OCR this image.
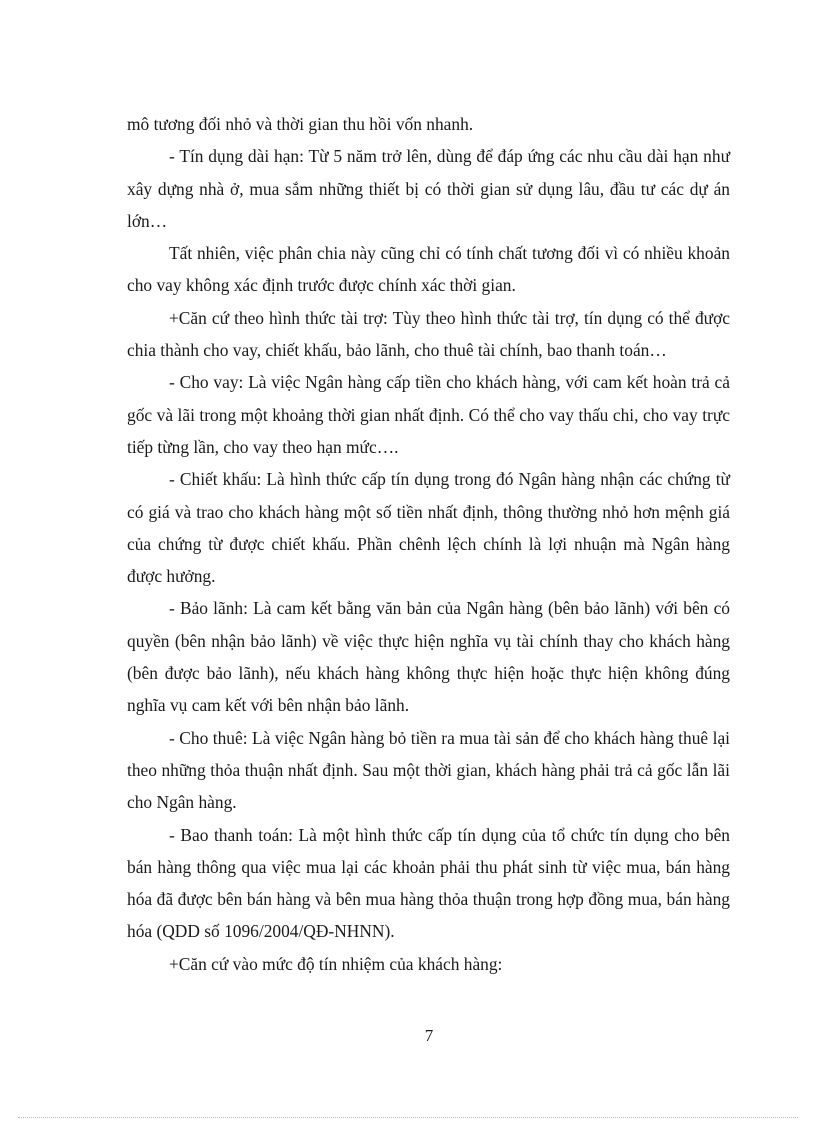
mô tương đối nhỏ và thời gian thu hồi vốn nhanh.

- Tín dụng dài hạn: Từ 5 năm trở lên, dùng để đáp ứng các nhu cầu dài hạn như xây dựng nhà ở, mua sắm những thiết bị có thời gian sử dụng lâu, đầu tư các dự án lớn…

Tất nhiên, việc phân chia này cũng chỉ có tính chất tương đối vì có nhiều khoản cho vay không xác định trước được chính xác thời gian.

+Căn cứ theo hình thức tài trợ: Tùy theo hình thức tài trợ, tín dụng có thể được chia thành cho vay, chiết khấu, bảo lãnh, cho thuê tài chính, bao thanh toán…

- Cho vay: Là việc Ngân hàng cấp tiền cho khách hàng, với cam kết hoàn trả cả gốc và lãi trong một khoảng thời gian nhất định. Có thể cho vay thấu chi, cho vay trực tiếp từng lần, cho vay theo hạn mức….

- Chiết khấu: Là hình thức cấp tín dụng trong đó Ngân hàng nhận các chứng từ có giá và trao cho khách hàng một số tiền nhất định, thông thường nhỏ hơn mệnh giá của chứng từ được chiết khấu. Phần chênh lệch chính là lợi nhuận mà Ngân hàng được hưởng.

- Bảo lãnh: Là cam kết bằng văn bản của Ngân hàng (bên bảo lãnh) với bên có quyền (bên nhận bảo lãnh) về việc thực hiện nghĩa vụ tài chính thay cho khách hàng (bên được bảo lãnh), nếu khách hàng không thực hiện hoặc thực hiện không đúng nghĩa vụ cam kết với bên nhận bảo lãnh.

- Cho thuê: Là việc Ngân hàng bỏ tiền ra mua tài sản để cho khách hàng thuê lại theo những thỏa thuận nhất định. Sau một thời gian, khách hàng phải trả cả gốc lẫn lãi cho Ngân hàng.

- Bao thanh toán: Là một hình thức cấp tín dụng của tổ chức tín dụng cho bên bán hàng thông qua việc mua lại các khoản phải thu phát sinh từ việc mua, bán hàng hóa đã được bên bán hàng và bên mua hàng thỏa thuận trong hợp đồng mua, bán hàng hóa (QDD số 1096/2004/QĐ-NHNN).

+Căn cứ vào mức độ tín nhiệm của khách hàng:

7
